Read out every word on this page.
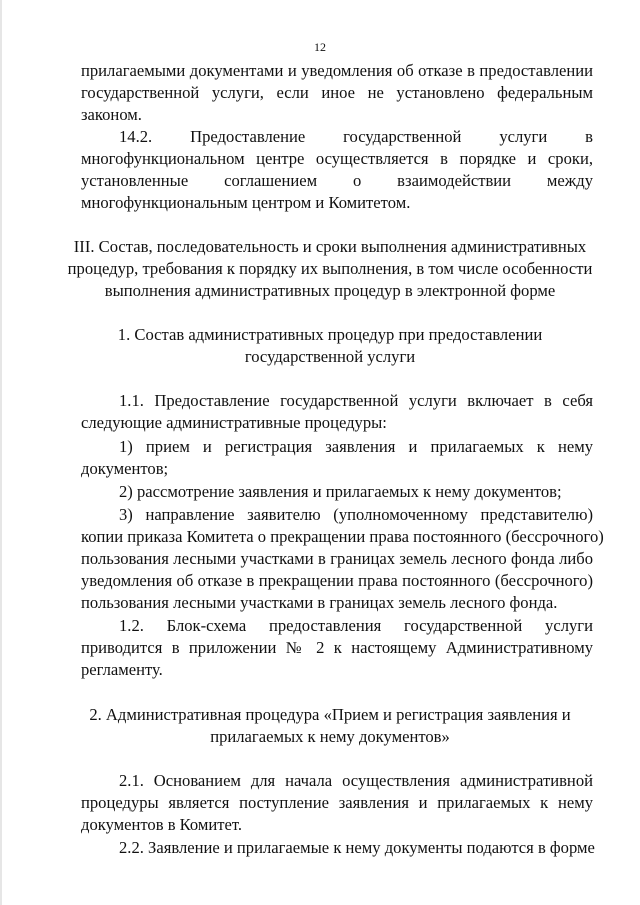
12
прилагаемыми документами и уведомления об отказе в предоставлении
государственной услуги, если иное не установлено федеральным
законом.
14.2. Предоставление государственной услуги в
многофункциональном центре осуществляется в порядке и сроки,
установленные соглашением о взаимодействии между
многофункциональным центром и Комитетом.
III. Состав, последовательность и сроки выполнения административных
процедур, требования к порядку их выполнения, в том числе особенности
выполнения административных процедур в электронной форме
1. Состав административных процедур при предоставлении
государственной услуги
1.1. Предоставление государственной услуги включает в себя
следующие административные процедуры:
1) прием и регистрация заявления и прилагаемых к нему
документов;
2) рассмотрение заявления и прилагаемых к нему документов;
3) направление заявителю (уполномоченному представителю)
копии приказа Комитета о прекращении права постоянного (бессрочного)
пользования лесными участками в границах земель лесного фонда либо
уведомления об отказе в прекращении права постоянного (бессрочного)
пользования лесными участками в границах земель лесного фонда.
1.2. Блок-схема предоставления государственной услуги
приводится в приложении № 2 к настоящему Административному
регламенту.
2. Административная процедура «Прием и регистрация заявления и
прилагаемых к нему документов»
2.1. Основанием для начала осуществления административной
процедуры является поступление заявления и прилагаемых к нему
документов в Комитет.
2.2. Заявление и прилагаемые к нему документы подаются в форме
